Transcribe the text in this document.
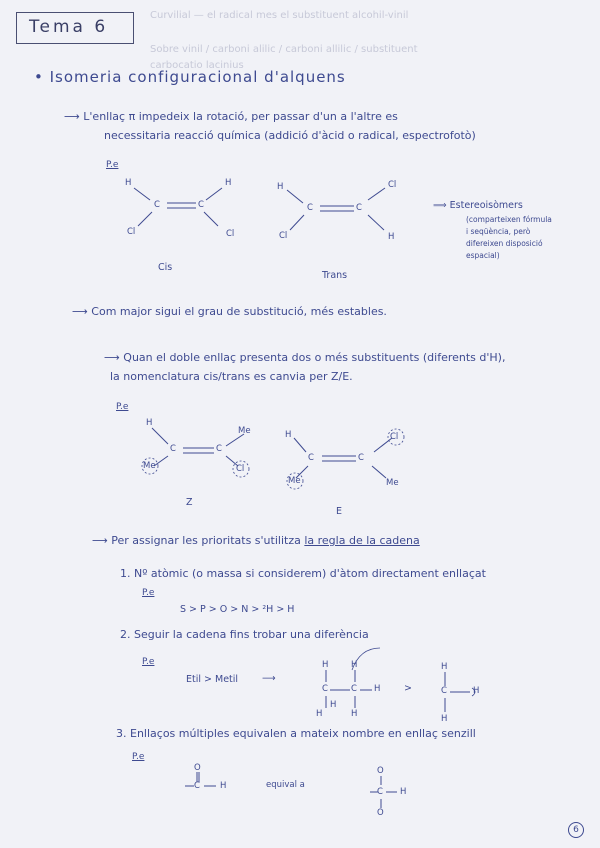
Tema 6
Curvilial — el radical mes el substituent alcohil-vinil
Sobre vinil / carboni alilic / carboni allilic / substituent
carbocatio lacinius
• Isomeria configuracional d'alquens
⟶ L'enllaç π impedeix la rotació, per passar d'un a l'altre es
necessitaria reacció química (addició d'àcid o radical, espectrofotò)
P.e
H	H
C	C
Cl	Cl
Cis
H	Cl
C	C
Cl	H
Trans
⟹ Estereoisòmers
(comparteixen fórmula
i seqüència, però
difereixen disposició
espacial)
⟶ Com major sigui el grau de substitució, més estables.
⟶ Quan el doble enllaç presenta dos o més substituents (diferents d'H),
la nomenclatura cis/trans es canvia per Z/E.
P.e
H
Me
C	C
Me	Cl
Z
H	Cl
C	C
Me	Me
E
⟶ Per assignar les prioritats s'utilitza la regla de la cadena
1. Nº atòmic (o massa si considerem) d'àtom directament enllaçat
P.e
S > P > O > N > ²H > H
2. Seguir la cadena fins trobar una diferència
P.e
Etil > Metil	⟶
H	H
H
C	C
H	H
H
>
H
C	H
H
3. Enllaços múltiples equivalen a mateix nombre en enllaç senzill
P.e
O
C H	equival a
O
C H
O
6
